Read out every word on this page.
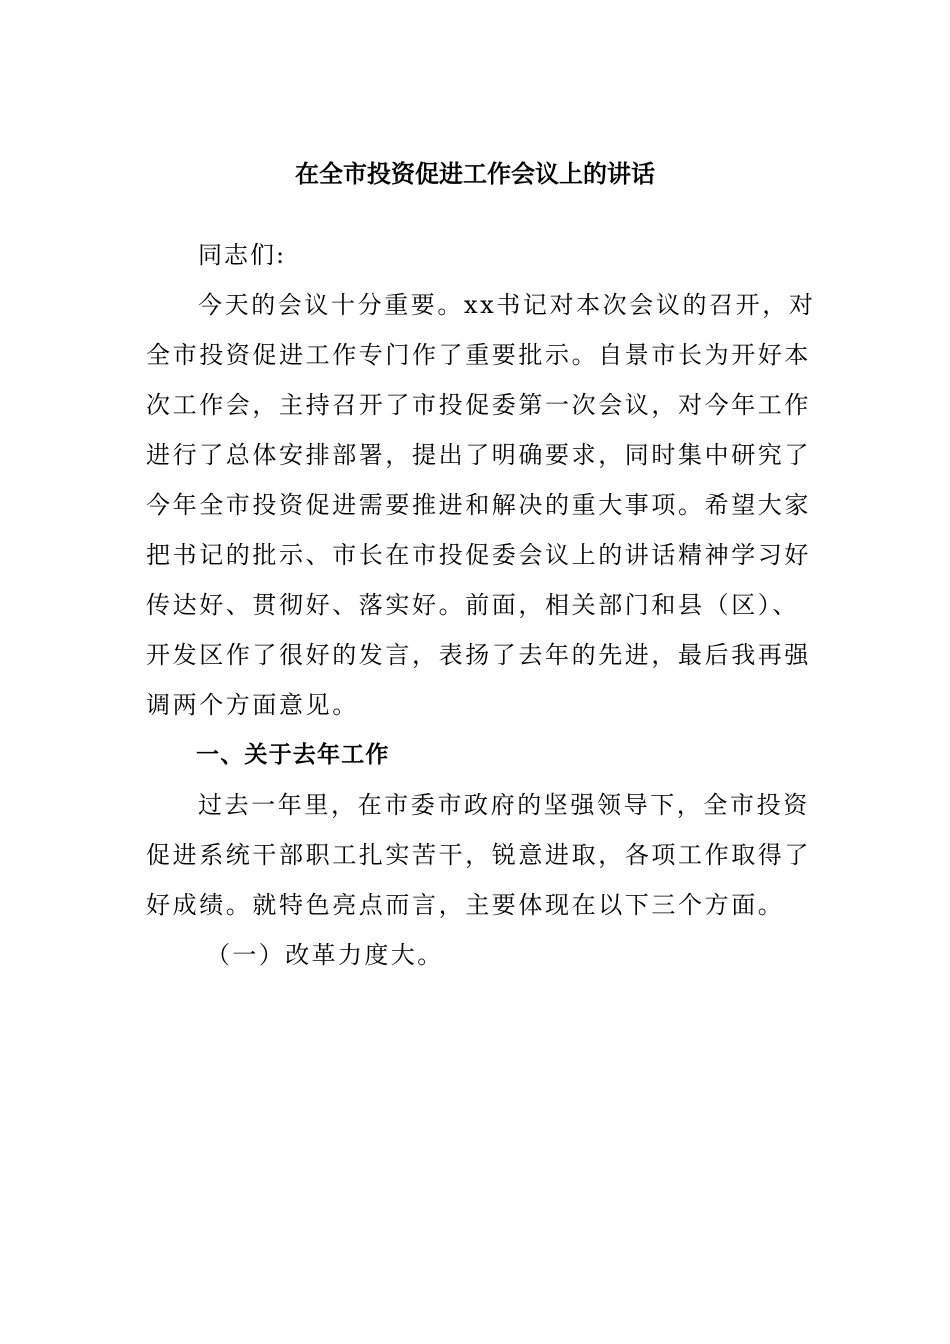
在全市投资促进工作会议上的讲话
同志们:
今天的会议十分重要。xx书记对本次会议的召开，对
全市投资促进工作专门作了重要批示。自景市长为开好本
次工作会，主持召开了市投促委第一次会议，对今年工作
进行了总体安排部署，提出了明确要求，同时集中研究了
今年全市投资促进需要推进和解决的重大事项。希望大家
把书记的批示、市长在市投促委会议上的讲话精神学习好
传达好、贯彻好、落实好。前面，相关部门和县（区）、
开发区作了很好的发言，表扬了去年的先进，最后我再强
调两个方面意见。
一、关于去年工作
过去一年里，在市委市政府的坚强领导下，全市投资
促进系统干部职工扎实苦干，锐意进取，各项工作取得了
好成绩。就特色亮点而言，主要体现在以下三个方面。
（一）改革力度大。
